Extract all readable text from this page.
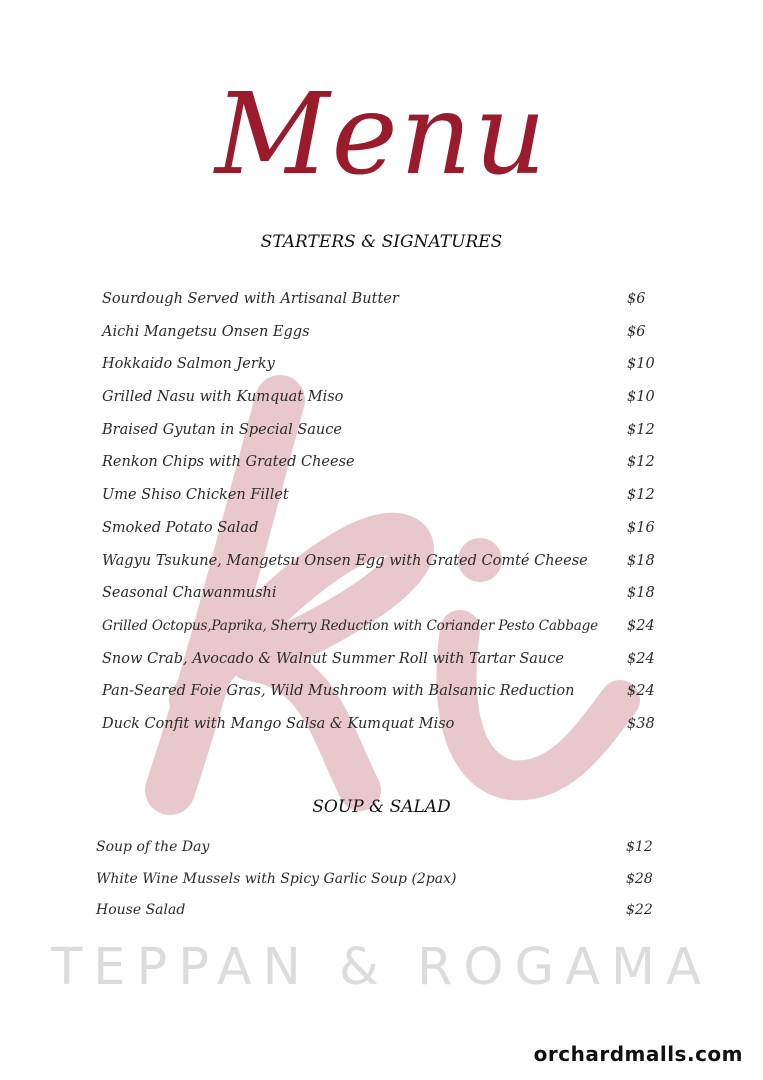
Menu
STARTERS & SIGNATURES
Sourdough Served with Artisanal Butter	$6
Aichi Mangetsu Onsen Eggs	$6
Hokkaido Salmon Jerky	$10
Grilled Nasu with Kumquat Miso	$10
Braised Gyutan in Special Sauce	$12
Renkon Chips with Grated Cheese	$12
Ume Shiso Chicken Fillet	$12
Smoked Potato Salad	$16
Wagyu Tsukune, Mangetsu Onsen Egg with Grated Comté Cheese	$18
Seasonal Chawanmushi	$18
Grilled Octopus,Paprika, Sherry Reduction with Coriander Pesto Cabbage $24
Snow Crab, Avocado & Walnut Summer Roll with Tartar Sauce	$24
Pan-Seared Foie Gras, Wild Mushroom with Balsamic Reduction	$24
Duck Confit with Mango Salsa & Kumquat Miso	$38
SOUP & SALAD
Soup of the Day	$12
White Wine Mussels with Spicy Garlic Soup (2pax)	$28
House Salad	$22
TEPPAN & ROGAMA
orchardmalls.com
